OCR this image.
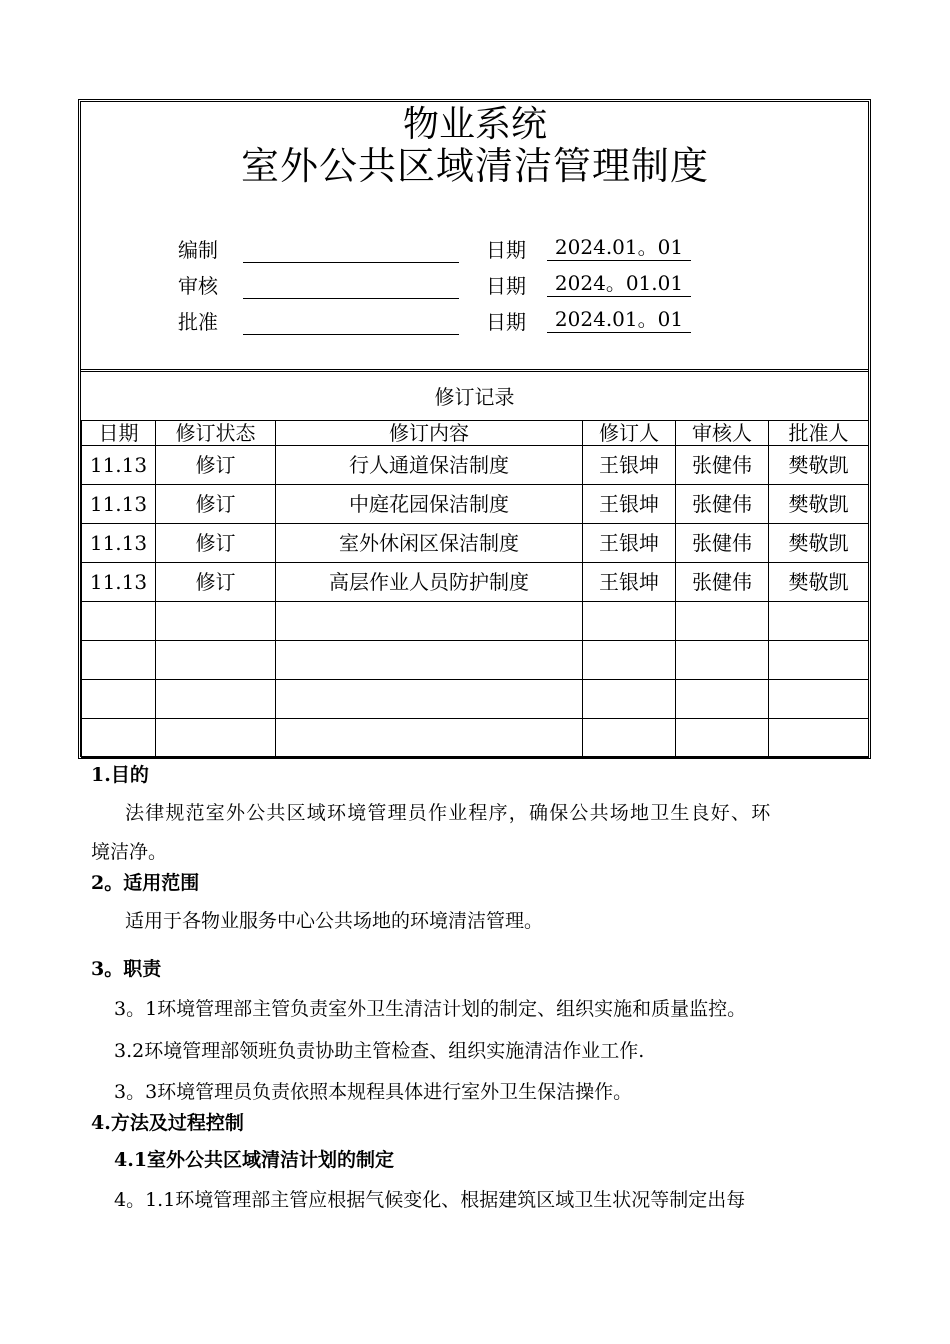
物业系统
室外公共区域清洁管理制度
编制	日期	2024.01。01
审核	日期	2024。01.01
批准	日期	2024.01。01
修订记录
日期	修订状态	修订内容	修订人	审核人	批准人
11.13	修订	行人通道保洁制度	王银坤	张健伟	樊敬凯
11.13	修订	中庭花园保洁制度	王银坤	张健伟	樊敬凯
11.13	修订	室外休闲区保洁制度	王银坤	张健伟	樊敬凯
11.13	修订	高层作业人员防护制度	王银坤	张健伟	樊敬凯

1.目的
法律规范室外公共区域环境管理员作业程序，确保公共场地卫生良好、环
境洁净。
2。适用范围
适用于各物业服务中心公共场地的环境清洁管理。
3。职责
3。1环境管理部主管负责室外卫生清洁计划的制定、组织实施和质量监控。
3.2环境管理部领班负责协助主管检查、组织实施清洁作业工作.
3。3环境管理员负责依照本规程具体进行室外卫生保洁操作。
4.方法及过程控制
4.1室外公共区域清洁计划的制定
4。1.1环境管理部主管应根据气候变化、根据建筑区域卫生状况等制定出每
